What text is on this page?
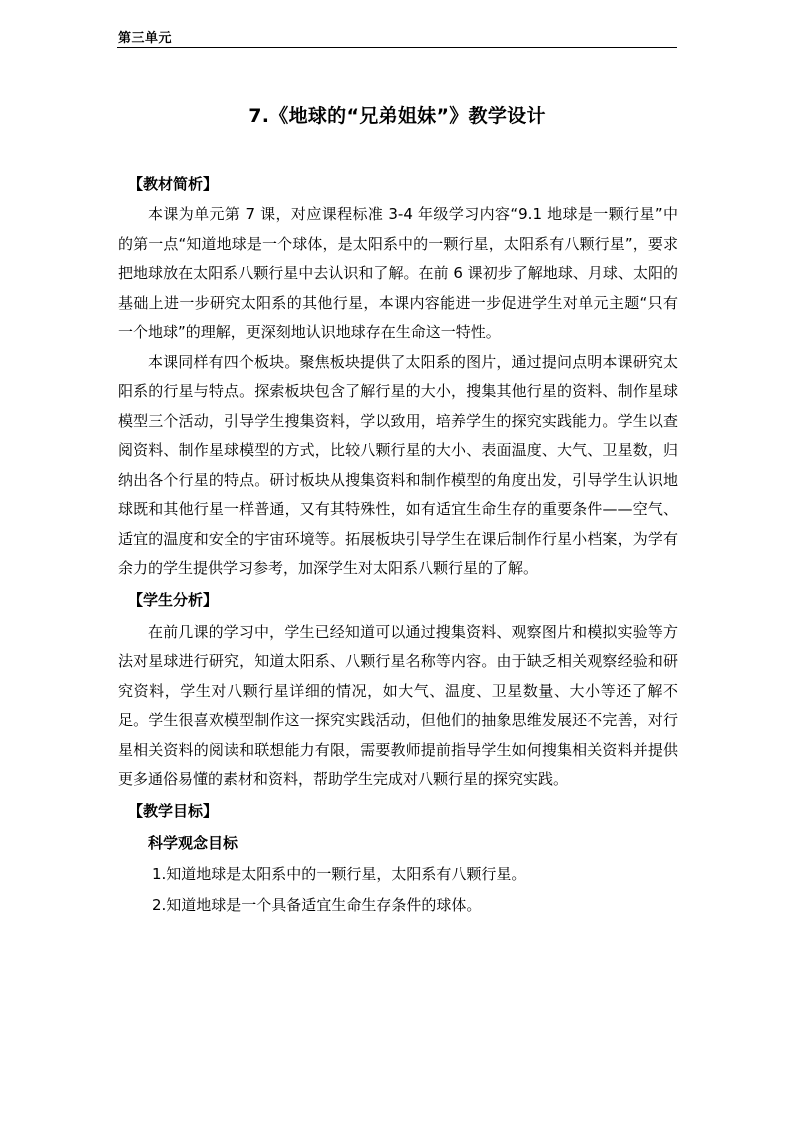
第三单元
7.《地球的“兄弟姐妹”》教学设计

【教材简析】

本课为单元第 7 课，对应课程标准 3-4 年级学习内容“9.1 地球是一颗行星”中的第一点“知道地球是一个球体，是太阳系中的一颗行星，太阳系有八颗行星”，要求把地球放在太阳系八颗行星中去认识和了解。在前 6 课初步了解地球、月球、太阳的基础上进一步研究太阳系的其他行星，本课内容能进一步促进学生对单元主题“只有一个地球”的理解，更深刻地认识地球存在生命这一特性。

本课同样有四个板块。聚焦板块提供了太阳系的图片，通过提问点明本课研究太阳系的行星与特点。探索板块包含了解行星的大小，搜集其他行星的资料、制作星球模型三个活动，引导学生搜集资料，学以致用，培养学生的探究实践能力。学生以查阅资料、制作星球模型的方式，比较八颗行星的大小、表面温度、大气、卫星数，归纳出各个行星的特点。研讨板块从搜集资料和制作模型的角度出发，引导学生认识地球既和其他行星一样普通，又有其特殊性，如有适宜生命生存的重要条件——空气、适宜的温度和安全的宇宙环境等。拓展板块引导学生在课后制作行星小档案，为学有余力的学生提供学习参考，加深学生对太阳系八颗行星的了解。

【学生分析】

在前几课的学习中，学生已经知道可以通过搜集资料、观察图片和模拟实验等方法对星球进行研究，知道太阳系、八颗行星名称等内容。由于缺乏相关观察经验和研究资料，学生对八颗行星详细的情况，如大气、温度、卫星数量、大小等还了解不足。学生很喜欢模型制作这一探究实践活动，但他们的抽象思维发展还不完善，对行星相关资料的阅读和联想能力有限，需要教师提前指导学生如何搜集相关资料并提供更多通俗易懂的素材和资料，帮助学生完成对八颗行星的探究实践。

【教学目标】

科学观念目标

1.知道地球是太阳系中的一颗行星，太阳系有八颗行星。

2.知道地球是一个具备适宜生命生存条件的球体。
